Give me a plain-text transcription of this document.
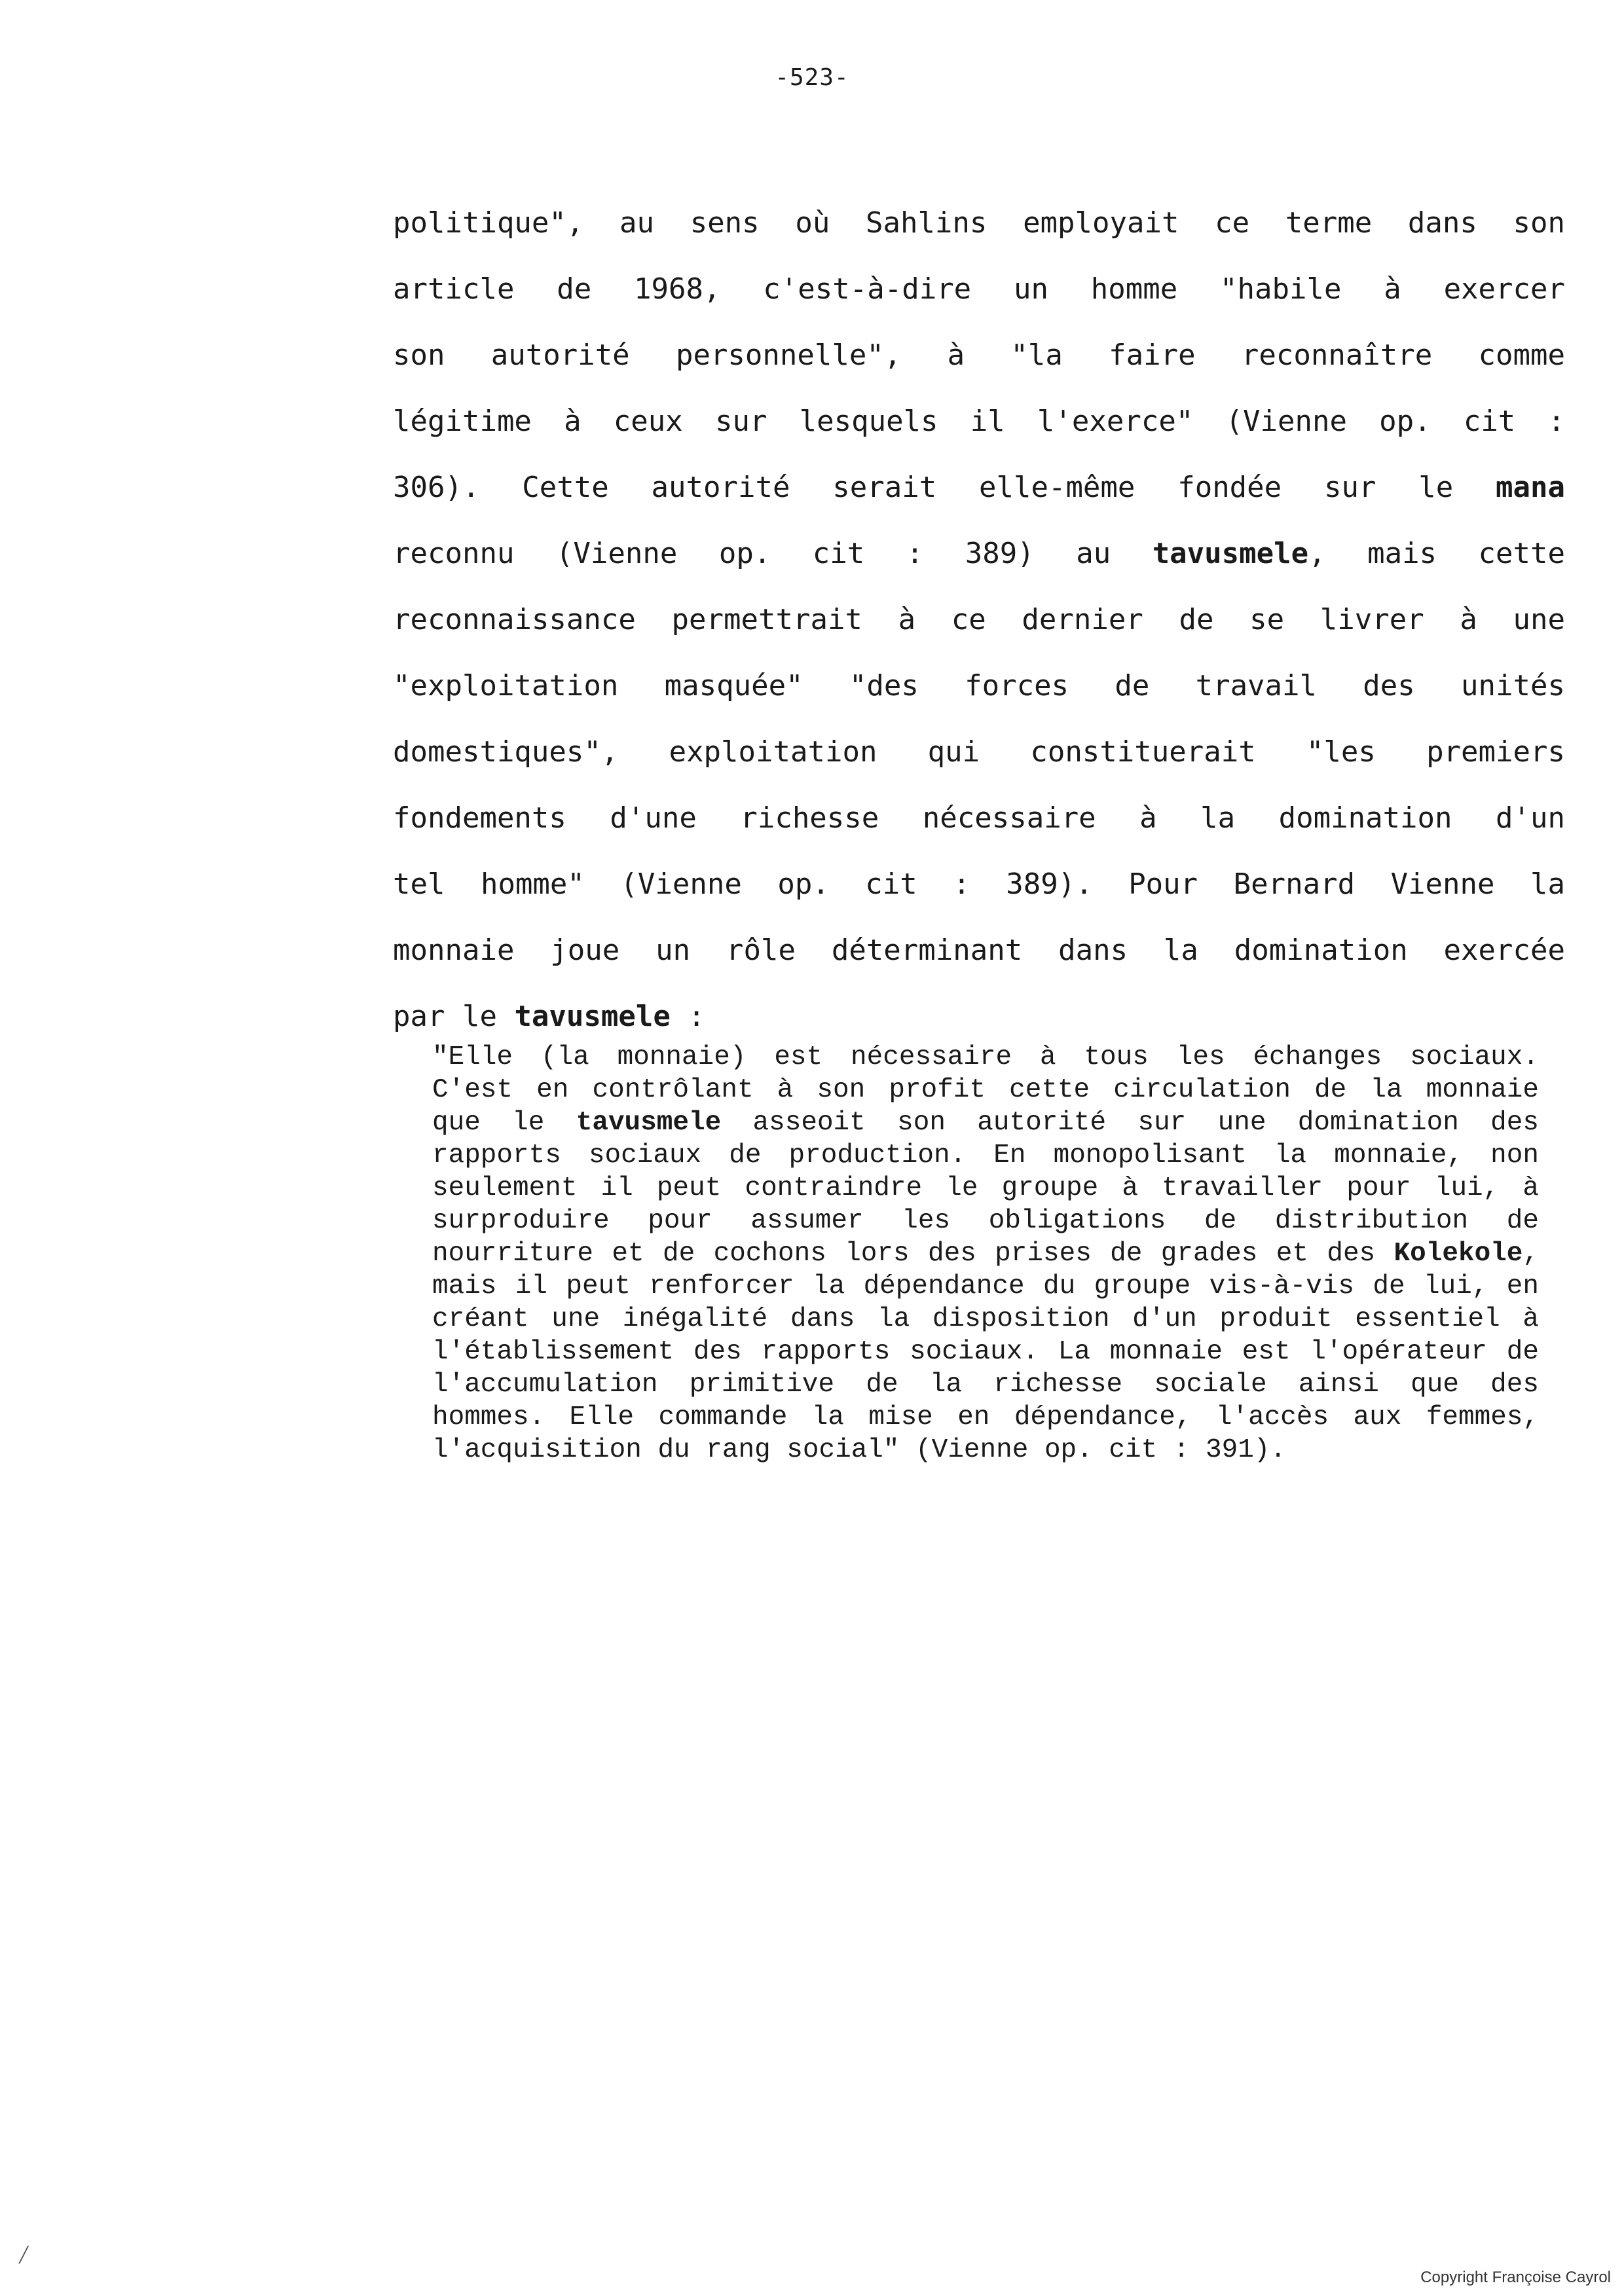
-523-
politique", au sens où Sahlins employait ce terme dans son
article de 1968, c'est-à-dire un homme "habile à exercer
son autorité personnelle", à "la faire reconnaître comme
légitime à ceux sur lesquels il l'exerce" (Vienne op. cit :
306). Cette autorité serait elle-même fondée sur le mana
reconnu (Vienne op. cit : 389) au tavusmele, mais cette
reconnaissance permettrait à ce dernier de se livrer à une
"exploitation masquée" "des forces de travail des unités
domestiques", exploitation qui constituerait "les premiers
fondements d'une richesse nécessaire à la domination d'un
tel homme" (Vienne op. cit : 389). Pour Bernard Vienne la
monnaie joue un rôle déterminant dans la domination exercée
par le tavusmele :
"Elle (la monnaie) est nécessaire à tous les échanges sociaux.
C'est en contrôlant à son profit cette circulation de la monnaie
que le tavusmele asseoit son autorité sur une domination des
rapports sociaux de production. En monopolisant la monnaie, non
seulement il peut contraindre le groupe à travailler pour lui, à
surproduire pour assumer les obligations de distribution de
nourriture et de cochons lors des prises de grades et des Kolekole,
mais il peut renforcer la dépendance du groupe vis-à-vis de lui, en
créant une inégalité dans la disposition d'un produit essentiel à
l'établissement des rapports sociaux. La monnaie est l'opérateur de
l'accumulation primitive de la richesse sociale ainsi que des
hommes. Elle commande la mise en dépendance, l'accès aux femmes,
l'acquisition du rang social" (Vienne op. cit : 391).
/
Copyright Françoise Cayrol
